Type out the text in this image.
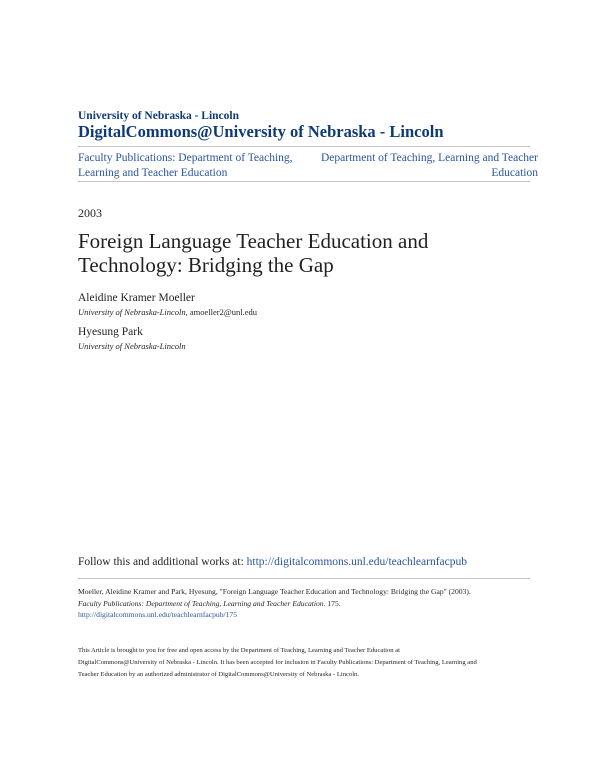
University of Nebraska - Lincoln
DigitalCommons@University of Nebraska - Lincoln
Faculty Publications: Department of Teaching, Learning and Teacher Education
Department of Teaching, Learning and Teacher Education
2003
Foreign Language Teacher Education and Technology: Bridging the Gap
Aleidine Kramer Moeller
University of Nebraska-Lincoln, amoeller2@unl.edu
Hyesung Park
University of Nebraska-Lincoln
Follow this and additional works at: http://digitalcommons.unl.edu/teachlearnfacpub
Moeller, Aleidine Kramer and Park, Hyesung, "Foreign Language Teacher Education and Technology: Bridging the Gap" (2003).
Faculty Publications: Department of Teaching, Learning and Teacher Education. 175.
http://digitalcommons.unl.edu/teachlearnfacpub/175
This Article is brought to you for free and open access by the Department of Teaching, Learning and Teacher Education at
DigitalCommons@University of Nebraska - Lincoln. It has been accepted for inclusion in Faculty Publications: Department of Teaching, Learning and
Teacher Education by an authorized administrator of DigitalCommons@University of Nebraska - Lincoln.
